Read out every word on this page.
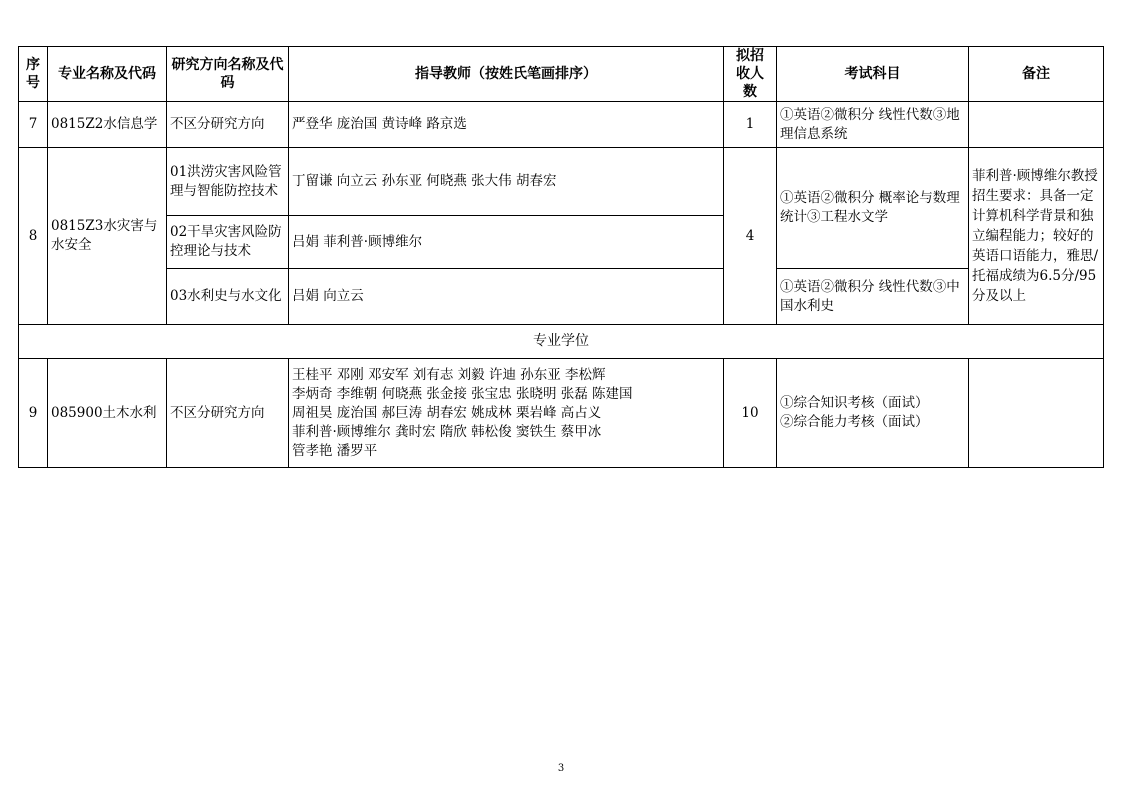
序号	专业名称及代码	研究方向名称及代码	指导教师（按姓氏笔画排序）	拟招收人数	考试科目	备注
7	0815Z2水信息学	不区分研究方向	严登华 庞治国 黄诗峰 路京选	1	①英语②微积分 线性代数③地理信息系统	
8	0815Z3水灾害与水安全	01洪涝灾害风险管理与智能防控技术	丁留谦 向立云 孙东亚 何晓燕 张大伟 胡春宏	4	①英语②微积分 概率论与数理统计③工程水文学	菲利普·顾博维尔教授招生要求：具备一定计算机科学背景和独立编程能力；较好的英语口语能力，雅思/托福成绩为6.5分/95分及以上
		02干旱灾害风险防控理论与技术	吕娟 菲利普·顾博维尔			
		03水利史与水文化	吕娟 向立云		①英语②微积分 线性代数③中国水利史	
专业学位						
9	085900土木水利	不区分研究方向	王桂平 邓刚 邓安军 刘有志 刘毅 许迪 孙东亚 李松辉
李炳奇 李维朝 何晓燕 张金接 张宝忠 张晓明 张磊 陈建国
周祖昊 庞治国 郝巨涛 胡春宏 姚成林 栗岩峰 高占义
菲利普·顾博维尔 龚时宏 隋欣 韩松俊 窦铁生 蔡甲冰
管孝艳 潘罗平	10	①综合知识考核（面试）
②综合能力考核（面试）	
3
